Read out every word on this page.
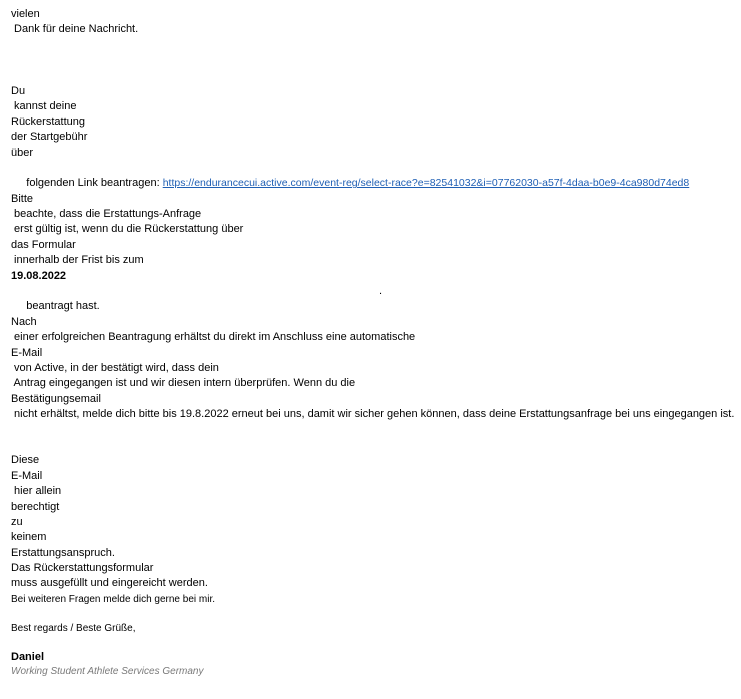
vielen
Dank für deine Nachricht.
Du
kannst deine
Rückerstattung
der Startgebühr
über

folgenden Link beantragen: https://endurancecui.active.com/event-reg/select-race?e=82541032&i=07762030-a57f-4daa-b0e9-4ca980d74ed8

Bitte
beachte, dass die Erstattungs-Anfrage
erst gültig ist, wenn du die Rückerstattung über
das Formular
innerhalb der Frist bis zum
19.08.2022

beantragt hast.

.

Nach
einer erfolgreichen Beantragung erhältst du direkt im Anschluss eine automatische
E-Mail
von Active, in der bestätigt wird, dass dein
Antrag eingegangen ist und wir diesen intern überprüfen. Wenn du die
Bestätigungsemail
nicht erhältst, melde dich bitte bis 19.8.2022 erneut bei uns, damit wir sicher gehen können, dass deine Erstattungsanfrage bei uns eingegangen ist.
Diese
E-Mail
hier allein
berechtigt
zu
keinem
Erstattungsanspruch.
Das Rückerstattungsformular
muss ausgefüllt und eingereicht werden.
Bei weiteren Fragen melde dich gerne bei mir.
Best regards / Beste Grüße,
Daniel
Working Student Athlete Services Germany
